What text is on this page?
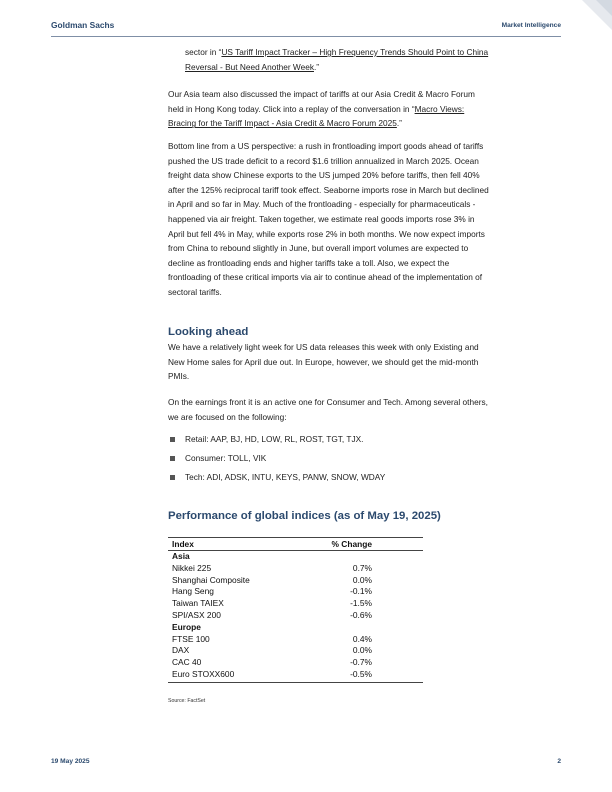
Goldman Sachs	Market Intelligence
sector in “US Tariff Impact Tracker – High Frequency Trends Should Point to China
Reversal - But Need Another Week.”
Our Asia team also discussed the impact of tariffs at our Asia Credit & Macro Forum
held in Hong Kong today. Click into a replay of the conversation in “Macro Views:
Bracing for the Tariff Impact - Asia Credit & Macro Forum 2025.”
Bottom line from a US perspective: a rush in frontloading import goods ahead of tariffs
pushed the US trade deficit to a record $1.6 trillion annualized in March 2025. Ocean
freight data show Chinese exports to the US jumped 20% before tariffs, then fell 40%
after the 125% reciprocal tariff took effect. Seaborne imports rose in March but declined
in April and so far in May. Much of the frontloading - especially for pharmaceuticals -
happened via air freight. Taken together, we estimate real goods imports rose 3% in
April but fell 4% in May, while exports rose 2% in both months. We now expect imports
from China to rebound slightly in June, but overall import volumes are expected to
decline as frontloading ends and higher tariffs take a toll. Also, we expect the
frontloading of these critical imports via air to continue ahead of the implementation of
sectoral tariffs.
Looking ahead
We have a relatively light week for US data releases this week with only Existing and
New Home sales for April due out. In Europe, however, we should get the mid-month
PMIs.
On the earnings front it is an active one for Consumer and Tech. Among several others,
we are focused on the following:
Retail: AAP, BJ, HD, LOW, RL, ROST, TGT, TJX.
Consumer: TOLL, VIK
Tech: ADI, ADSK, INTU, KEYS, PANW, SNOW, WDAY
Performance of global indices (as of May 19, 2025)
Index	% Change
Asia
Nikkei 225	0.7%
Shanghai Composite	0.0%
Hang Seng	-0.1%
Taiwan TAIEX	-1.5%
SPI/ASX 200	-0.6%
Europe
FTSE 100	0.4%
DAX	0.0%
CAC 40	-0.7%
Euro STOXX600	-0.5%
Source: FactSet
19 May 2025	2
